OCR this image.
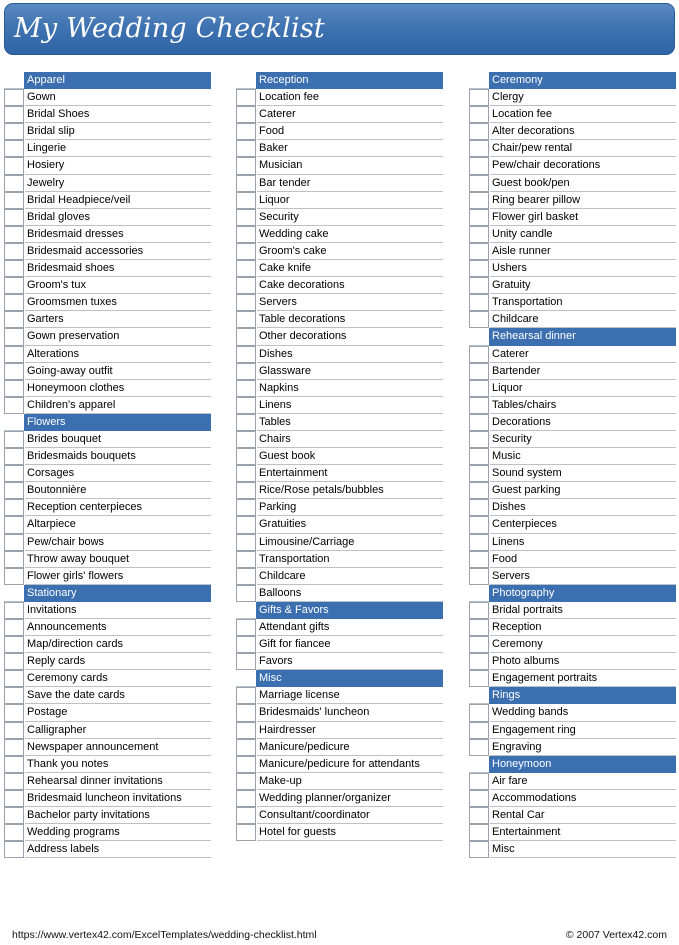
My Wedding Checklist
Apparel
Gown
Bridal Shoes
Bridal slip
Lingerie
Hosiery
Jewelry
Bridal Headpiece/veil
Bridal gloves
Bridesmaid dresses
Bridesmaid accessories
Bridesmaid shoes
Groom's tux
Groomsmen tuxes
Garters
Gown preservation
Alterations
Going-away outfit
Honeymoon clothes
Children's apparel
Flowers
Brides bouquet
Bridesmaids bouquets
Corsages
Boutonnière
Reception centerpieces
Altarpiece
Pew/chair bows
Throw away bouquet
Flower girls' flowers
Stationary
Invitations
Announcements
Map/direction cards
Reply cards
Ceremony cards
Save the date cards
Postage
Calligrapher
Newspaper announcement
Thank you notes
Rehearsal dinner invitations
Bridesmaid luncheon invitations
Bachelor party invitations
Wedding programs
Address labels
Reception
Location fee
Caterer
Food
Baker
Musician
Bar tender
Liquor
Security
Wedding cake
Groom's cake
Cake knife
Cake decorations
Servers
Table decorations
Other decorations
Dishes
Glassware
Napkins
Linens
Tables
Chairs
Guest book
Entertainment
Rice/Rose petals/bubbles
Parking
Gratuities
Limousine/Carriage
Transportation
Childcare
Balloons
Gifts & Favors
Attendant gifts
Gift for fiancee
Favors
Misc
Marriage license
Bridesmaids' luncheon
Hairdresser
Manicure/pedicure
Manicure/pedicure for attendants
Make-up
Wedding planner/organizer
Consultant/coordinator
Hotel for guests
Ceremony
Clergy
Location fee
Alter decorations
Chair/pew rental
Pew/chair decorations
Guest book/pen
Ring bearer pillow
Flower girl basket
Unity candle
Aisle runner
Ushers
Gratuity
Transportation
Childcare
Rehearsal dinner
Caterer
Bartender
Liquor
Tables/chairs
Decorations
Security
Music
Sound system
Guest parking
Dishes
Centerpieces
Linens
Food
Servers
Photography
Bridal portraits
Reception
Ceremony
Photo albums
Engagement portraits
Rings
Wedding bands
Engagement ring
Engraving
Honeymoon
Air fare
Accommodations
Rental Car
Entertainment
Misc
https://www.vertex42.com/ExcelTemplates/wedding-checklist.html	© 2007 Vertex42.com
